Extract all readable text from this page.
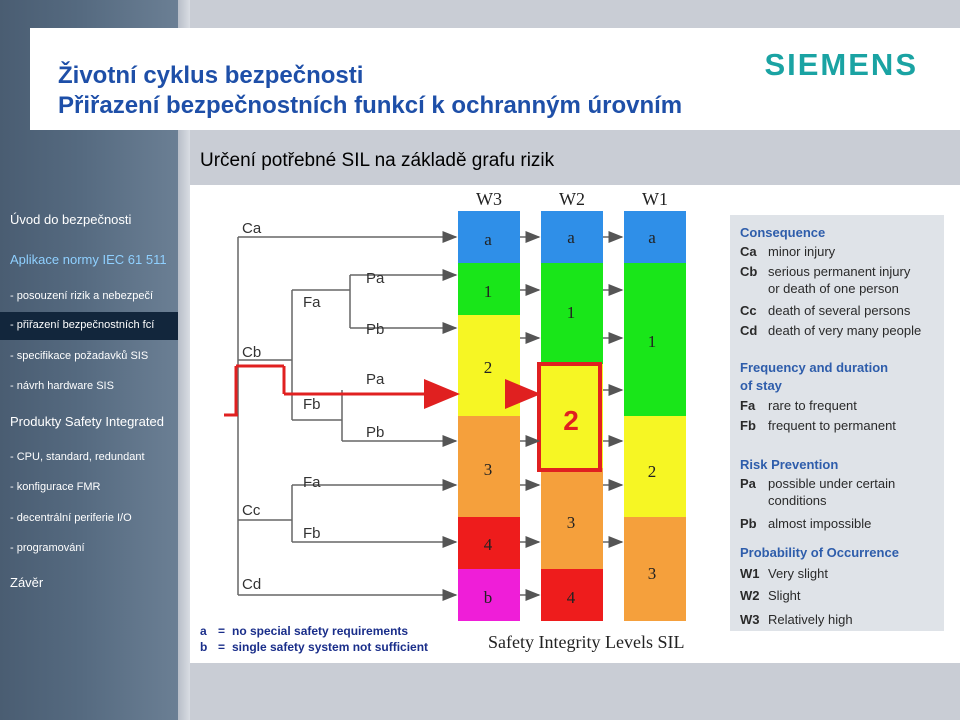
Úvod do bezpečnosti
Aplikace normy IEC 61 511
- posouzení rizik a nebezpečí
- přiřazení bezpečnostních fcí
- specifikace požadavků SIS
- návrh hardware SIS
Produkty Safety Integrated
- CPU, standard, redundant
- konfigurace FMR
- decentrální periferie I/O
- programování
Závěr
Životní cyklus bezpečnosti
Přiřazení bezpečnostních funkcí k ochranným úrovním
SIEMENS
Určení potřebné SIL na základě grafu rizik
W3	W2	W1
a
1
2
3
4
b
a
1
3
4
a
1
2
3
2
Ca
Cb
Cc
Cd
Fa
Fb
Fa
Fb
Pa
Pb
Pa
Pb
Consequence
Ca minor injury
Cb serious permanent injury
or death of one person
Cc death of several persons
Cd death of very many people
Frequency and duration
of stay
Fa rare to frequent
Fb frequent to permanent
Risk Prevention
Pa possible under certain
conditions
Pb almost impossible
Probability of Occurrence
W1 Very slight
W2 Slight
W3 Relatively high
a = no special safety requirements
b = single safety system not sufficient	Safety Integrity Levels SIL
